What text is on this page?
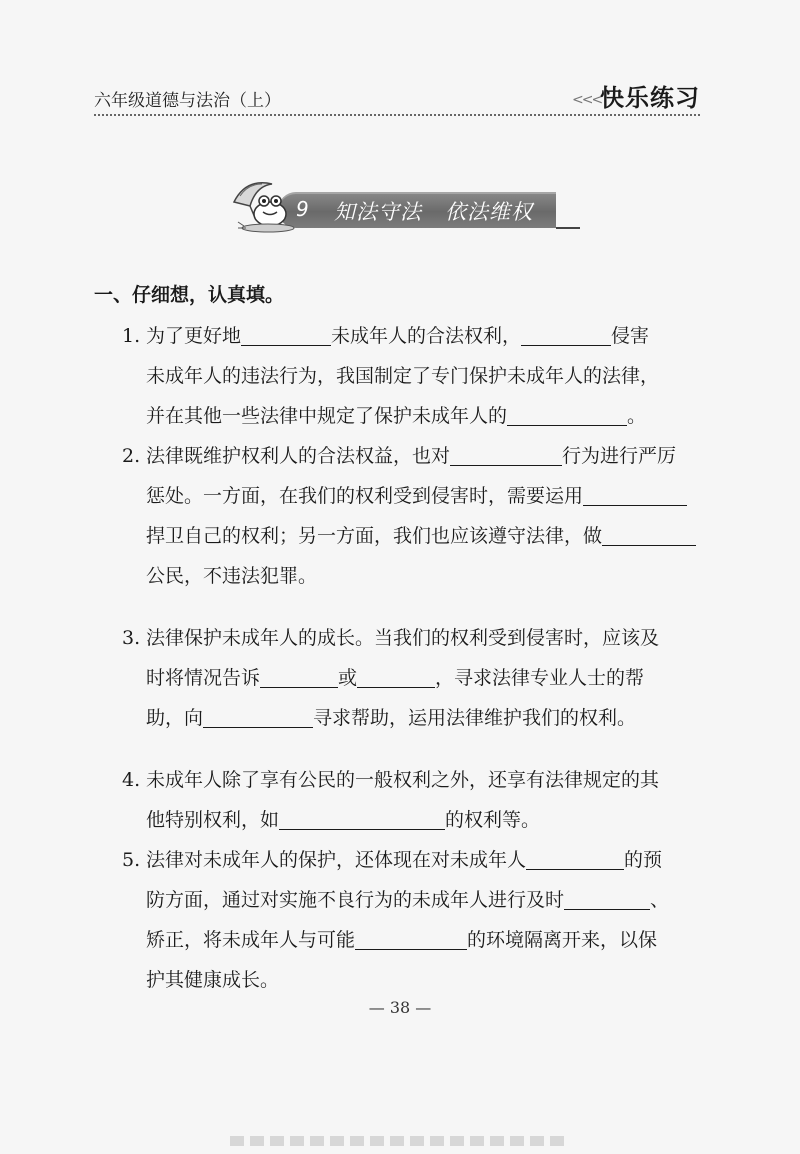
六年级道德与法治（上）	<<<
快乐练习
9 知法守法   依法维权
一、仔细想，认真填。
1. 为了更好地	未成年人的合法权利，	侵害
未成年人的违法行为，我国制定了专门保护未成年人的法律，
并在其他一些法律中规定了保护未成年人的	。
2. 法律既维护权利人的合法权益，也对	行为进行严厉
惩处。一方面，在我们的权利受到侵害时，需要运用
捍卫自己的权利；另一方面，我们也应该遵守法律，做
公民，不违法犯罪。
3. 法律保护未成年人的成长。当我们的权利受到侵害时，应该及
时将情况告诉	或	，寻求法律专业人士的帮
助，向	寻求帮助，运用法律维护我们的权利。
4. 未成年人除了享有公民的一般权利之外，还享有法律规定的其
他特别权利，如	的权利等。
5. 法律对未成年人的保护，还体现在对未成年人	的预
防方面，通过对实施不良行为的未成年人进行及时	、
矫正，将未成年人与可能	的环境隔离开来，以保
护其健康成长。
— 38 —
